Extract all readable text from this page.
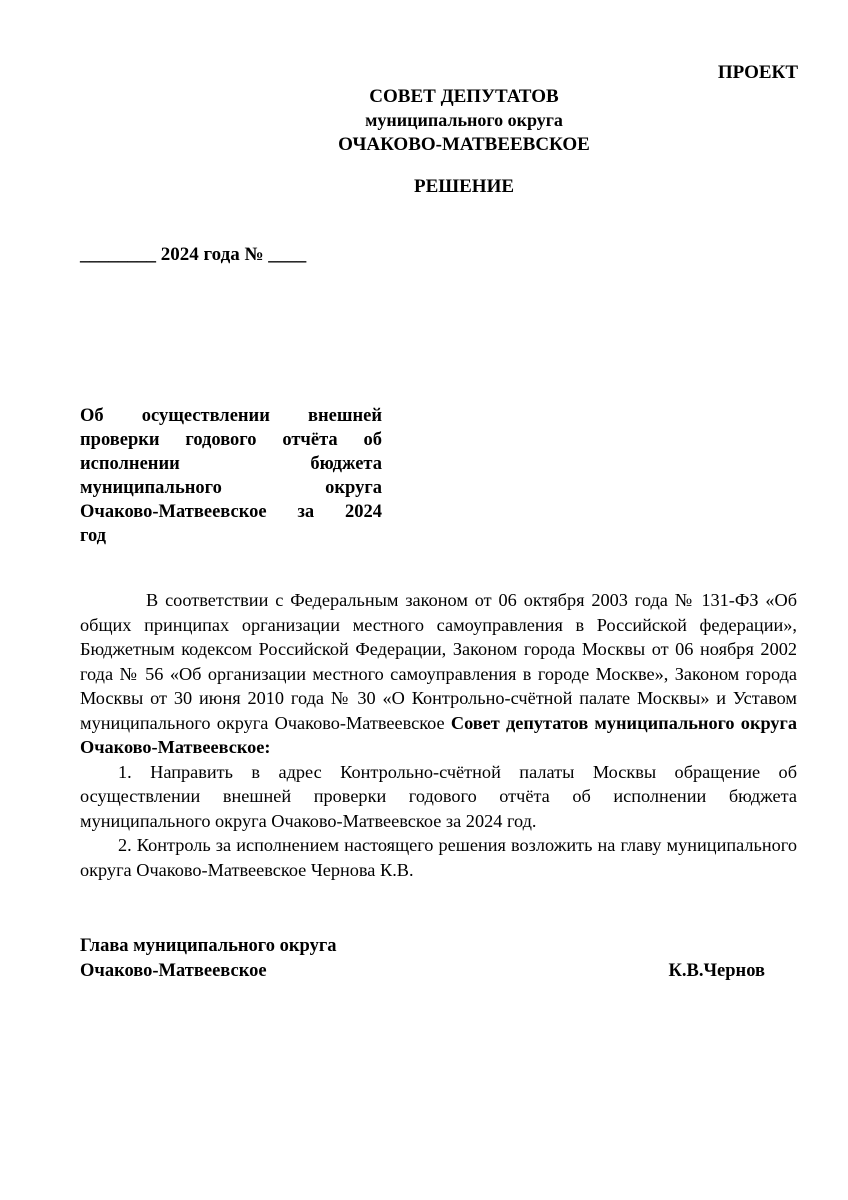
ПРОЕКТ
СОВЕТ ДЕПУТАТОВ
муниципального округа
ОЧАКОВО-МАТВЕЕВСКОЕ
РЕШЕНИЕ
________ 2024 года № ____
Об осуществлении внешней
проверки годового отчёта об
исполнении бюджета
муниципального округа
Очаково-Матвеевское за 2024
год

В соответствии с Федеральным законом от 06 октября 2003 года № 131-ФЗ «Об общих принципах организации местного самоуправления в Российской федерации», Бюджетным кодексом Российской Федерации, Законом города Москвы от 06 ноября 2002 года № 56 «Об организации местного самоуправления в городе Москве», Законом города Москвы от 30 июня 2010 года № 30 «О Контрольно-счётной палате Москвы» и Уставом муниципального округа Очаково-Матвеевское Совет депутатов муниципального округа Очаково-Матвеевское:

1. Направить в адрес Контрольно-счётной палаты Москвы обращение об осуществлении внешней проверки годового отчёта об исполнении бюджета муниципального округа Очаково-Матвеевское за 2024 год.

2. Контроль за исполнением настоящего решения возложить на главу муниципального округа Очаково-Матвеевское Чернова К.В.

Глава муниципального округа
Очаково-Матвеевское	К.В.Чернов
